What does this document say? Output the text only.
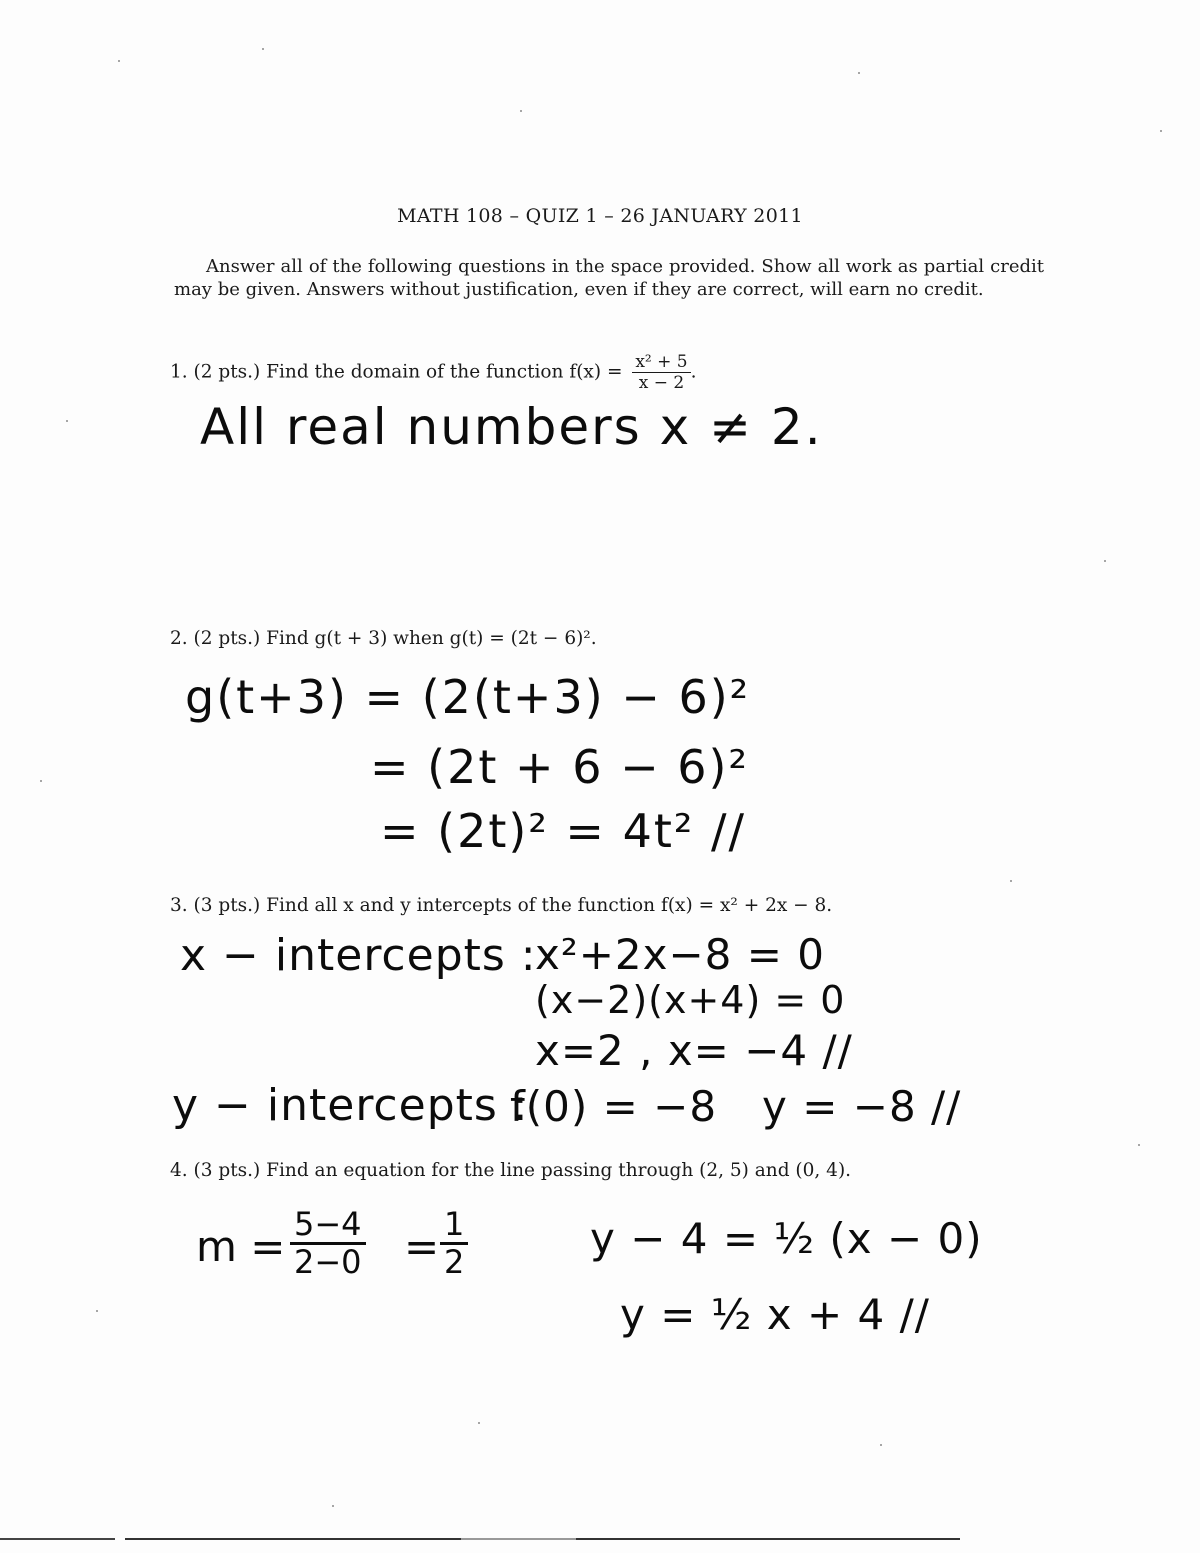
MATH 108 – QUIZ 1 – 26 JANUARY 2011
Answer all of the following questions in the space provided. Show all work as partial credit may be given. Answers without justification, even if they are correct, will earn no credit.
1. (2 pts.) Find the domain of the function $f(x) = \frac{\text{x² + 5}}{x - 2}$ .
All real numbers x ≠ 2.
2. (2 pts.) Find g(t + 3) when g(t) = (2t − 6)².
g(t+3) = (2(t+3) − 6)²
= (2t + 6 − 6)²
= (2t)² = 4t² //
3. (3 pts.) Find all x and y intercepts of the function f(x) = x² + 2x − 8.
x − intercepts :
x²+2x−8 = 0
(x−2)(x+4) = 0
x=2 , x= −4 //
y − intercepts :
f(0) = −8 y = −8 //
4. (3 pts.) Find an equation for the line passing through (2, 5) and (0, 4).
$m = \frac{5-4}{2-0} = \frac{1}{2}$	y − 4 = ½ (x − 0)
y = ½ x + 4 //
